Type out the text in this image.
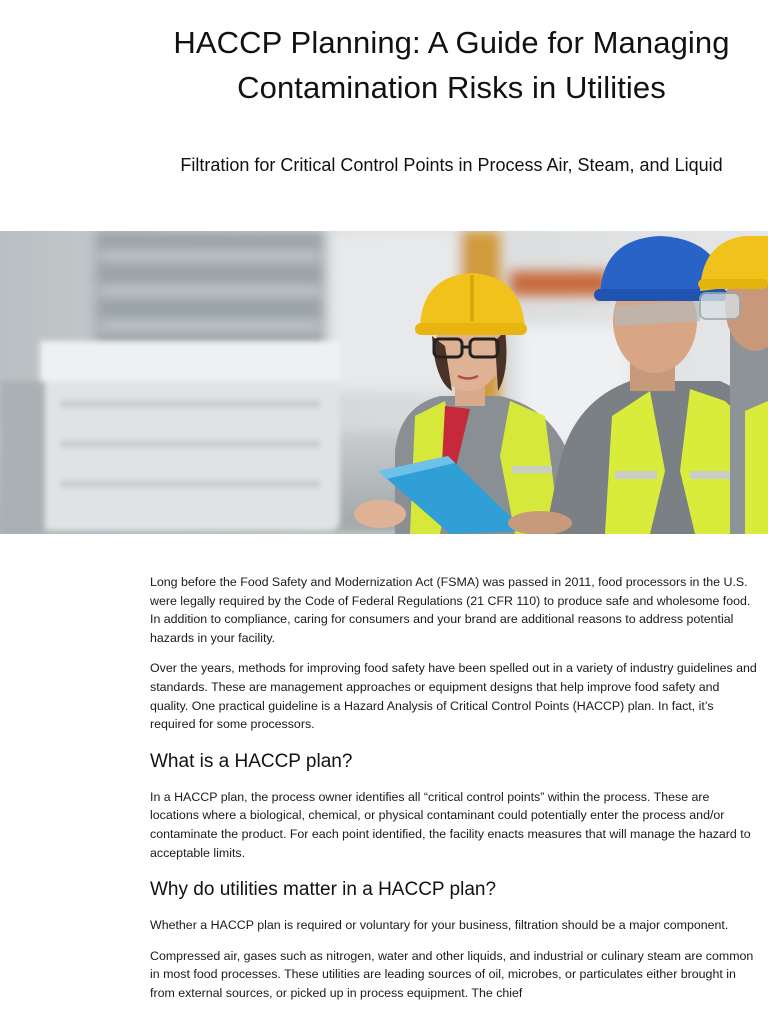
HACCP Planning: A Guide for Managing Contamination Risks in Utilities
Filtration for Critical Control Points in Process Air, Steam, and Liquid

Long before the Food Safety and Modernization Act (FSMA) was passed in 2011, food processors in the U.S. were legally required by the Code of Federal Regulations (21 CFR 110) to produce safe and wholesome food. In addition to compliance, caring for consumers and your brand are additional reasons to address potential hazards in your facility.

Over the years, methods for improving food safety have been spelled out in a variety of industry guidelines and standards. These are management approaches or equipment designs that help improve food safety and quality. One practical guideline is a Hazard Analysis of Critical Control Points (HACCP) plan. In fact, it’s required for some processors.

What is a HACCP plan?

In a HACCP plan, the process owner identifies all “critical control points” within the process. These are locations where a biological, chemical, or physical contaminant could potentially enter the process and/or contaminate the product. For each point identified, the facility enacts measures that will manage the hazard to acceptable limits.

Why do utilities matter in a HACCP plan?

Whether a HACCP plan is required or voluntary for your business, filtration should be a major component.

Compressed air, gases such as nitrogen, water and other liquids, and industrial or culinary steam are common in most food processes. These utilities are leading sources of oil, microbes, or particulates either brought in from external sources, or picked up in process equipment. The chief
